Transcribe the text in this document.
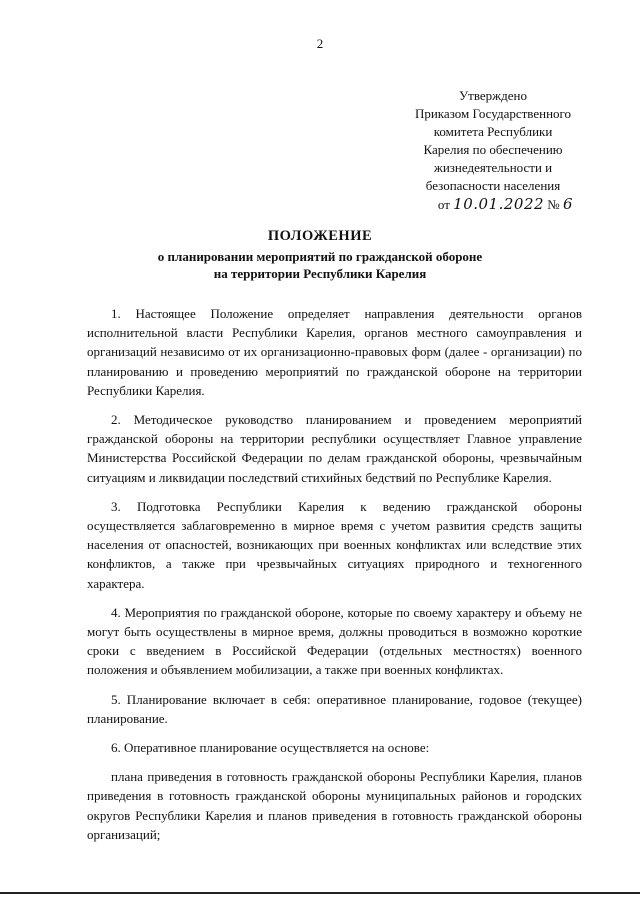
2
Утверждено
Приказом Государственного
комитета Республики
Карелия по обеспечению
жизнедеятельности и
безопасности населения
от 10.01.2022 № 6
ПОЛОЖЕНИЕ
о планировании мероприятий по гражданской обороне
на территории Республики Карелия

1. Настоящее Положение определяет направления деятельности органов исполнительной власти Республики Карелия, органов местного самоуправления и организаций независимо от их организационно-правовых форм (далее - организации) по планированию и проведению мероприятий по гражданской обороне на территории Республики Карелия.

2. Методическое руководство планированием и проведением мероприятий гражданской обороны на территории республики осуществляет Главное управление Министерства Российской Федерации по делам гражданской обороны, чрезвычайным ситуациям и ликвидации последствий стихийных бедствий по Республике Карелия.

3. Подготовка Республики Карелия к ведению гражданской обороны осуществляется заблаговременно в мирное время с учетом развития средств защиты населения от опасностей, возникающих при военных конфликтах или вследствие этих конфликтов, а также при чрезвычайных ситуациях природного и техногенного характера.

4. Мероприятия по гражданской обороне, которые по своему характеру и объему не могут быть осуществлены в мирное время, должны проводиться в возможно короткие сроки с введением в Российской Федерации (отдельных местностях) военного положения и объявлением мобилизации, а также при военных конфликтах.

5. Планирование включает в себя: оперативное планирование, годовое (текущее) планирование.

6. Оперативное планирование осуществляется на основе:

плана приведения в готовность гражданской обороны Республики Карелия, планов приведения в готовность гражданской обороны муниципальных районов и городских округов Республики Карелия и планов приведения в готовность гражданской обороны организаций;
